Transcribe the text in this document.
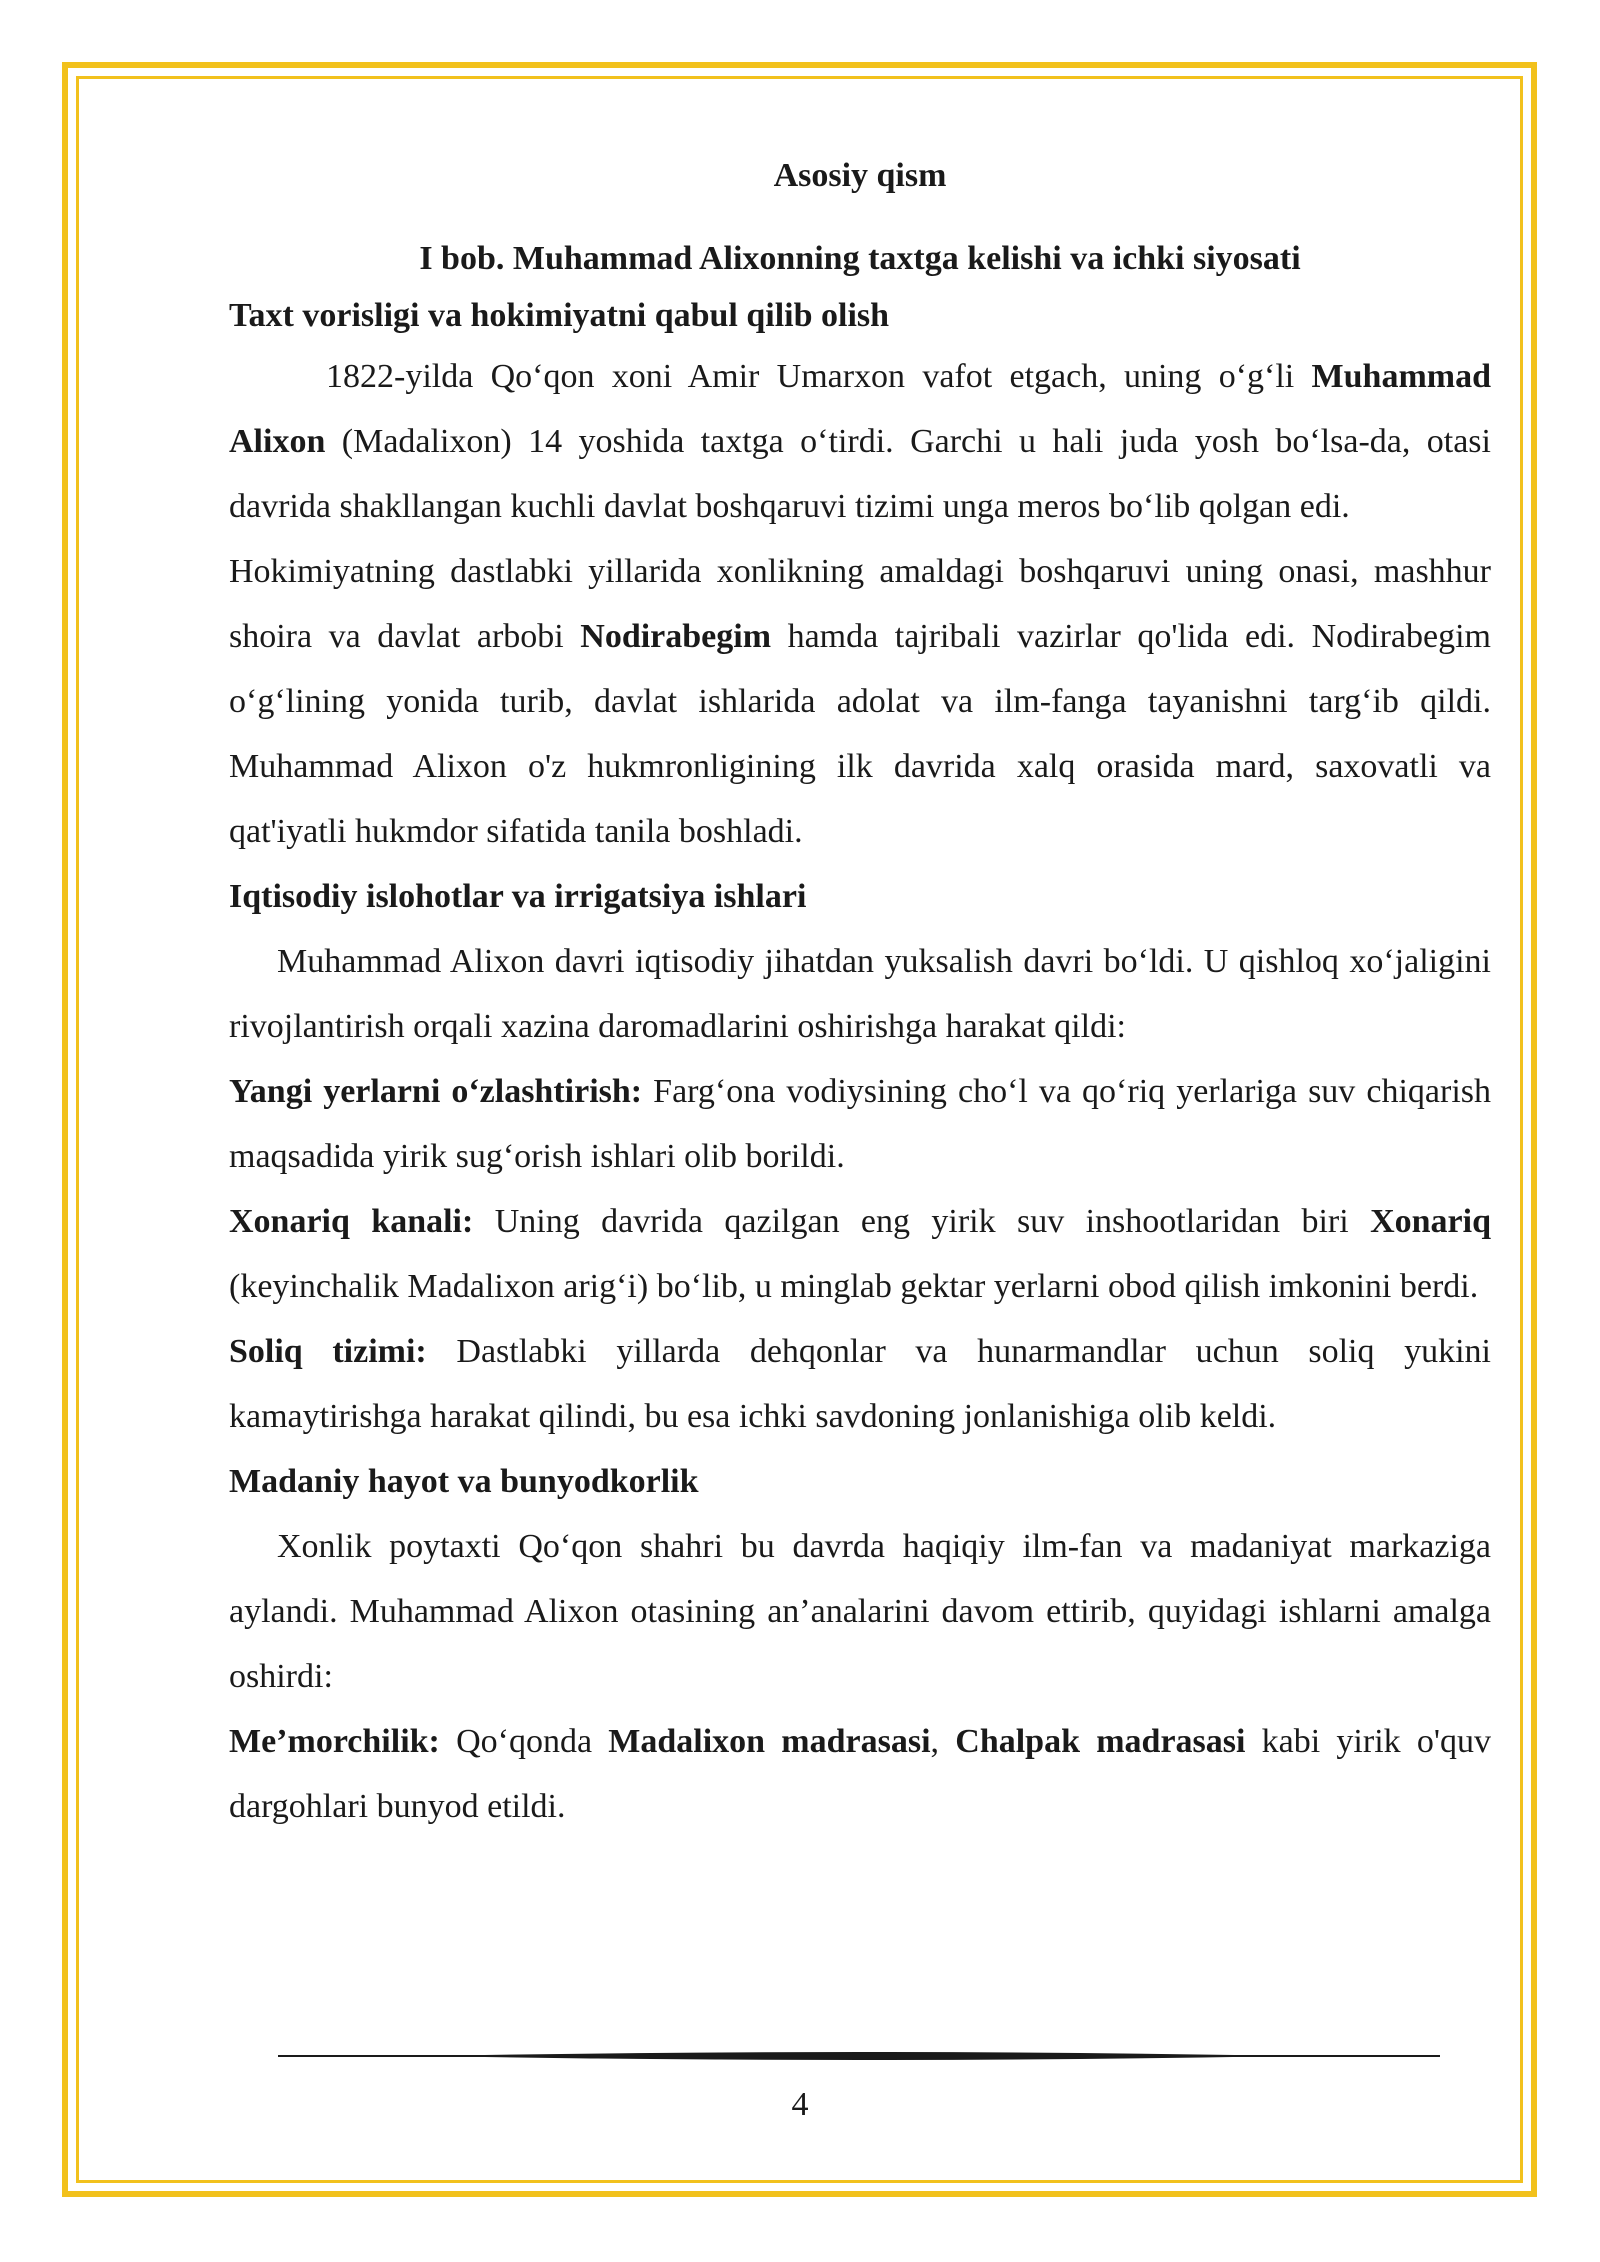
Asosiy qism
I bob. Muhammad Alixonning taxtga kelishi va ichki siyosati
Taxt vorisligi va hokimiyatni qabul qilib olish

1822-yilda Qo‘qon xoni Amir Umarxon vafot etgach, uning o‘g‘li Muhammad Alixon (Madalixon) 14 yoshida taxtga o‘tirdi. Garchi u hali juda yosh bo‘lsa-da, otasi davrida shakllangan kuchli davlat boshqaruvi tizimi unga meros bo‘lib qolgan edi.

Hokimiyatning dastlabki yillarida xonlikning amaldagi boshqaruvi uning onasi, mashhur shoira va davlat arbobi Nodirabegim hamda tajribali vazirlar qo'lida edi. Nodirabegim o‘g‘lining yonida turib, davlat ishlarida adolat va ilm-fanga tayanishni targ‘ib qildi. Muhammad Alixon o'z hukmronligining ilk davrida xalq orasida mard, saxovatli va qat'iyatli hukmdor sifatida tanila boshladi.

Iqtisodiy islohotlar va irrigatsiya ishlari

Muhammad Alixon davri iqtisodiy jihatdan yuksalish davri bo‘ldi. U qishloq xo‘jaligini rivojlantirish orqali xazina daromadlarini oshirishga harakat qildi:

Yangi yerlarni o‘zlashtirish: Farg‘ona vodiysining cho‘l va qo‘riq yerlariga suv chiqarish maqsadida yirik sug‘orish ishlari olib borildi.

Xonariq kanali: Uning davrida qazilgan eng yirik suv inshootlaridan biri Xonariq (keyinchalik Madalixon arig‘i) bo‘lib, u minglab gektar yerlarni obod qilish imkonini berdi.

Soliq tizimi: Dastlabki yillarda dehqonlar va hunarmandlar uchun soliq yukini kamaytirishga harakat qilindi, bu esa ichki savdoning jonlanishiga olib keldi.

Madaniy hayot va bunyodkorlik

Xonlik poytaxti Qo‘qon shahri bu davrda haqiqiy ilm-fan va madaniyat markaziga aylandi. Muhammad Alixon otasining an’analarini davom ettirib, quyidagi ishlarni amalga oshirdi:

Me’morchilik: Qo‘qonda Madalixon madrasasi, Chalpak madrasasi kabi yirik o'quv dargohlari bunyod etildi.

4
